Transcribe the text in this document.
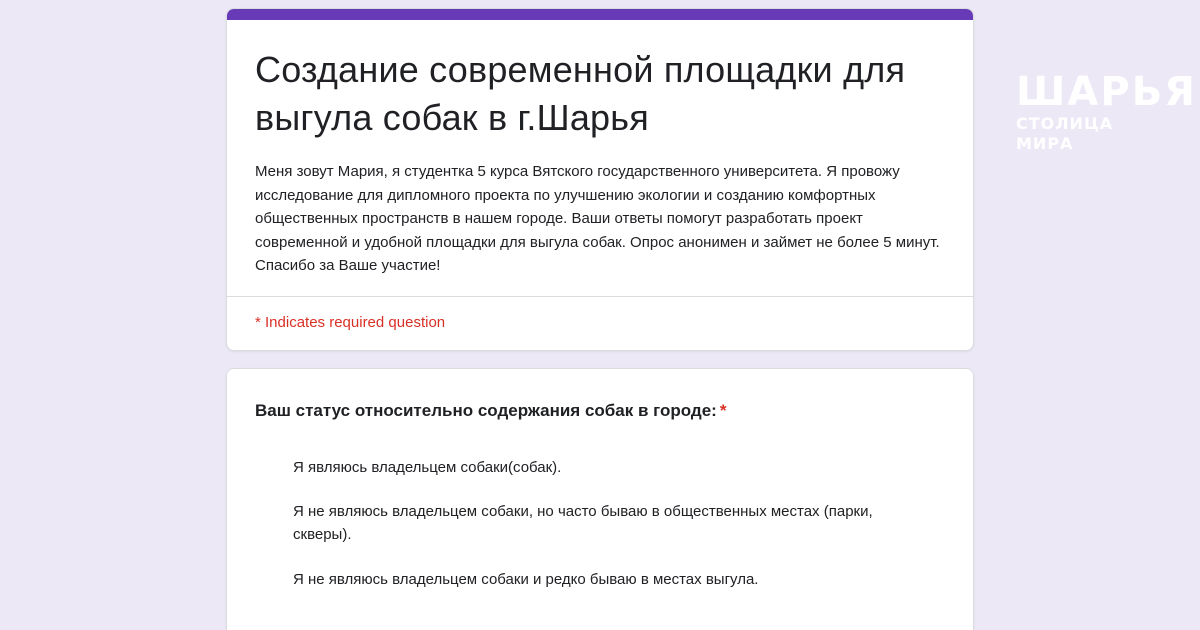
ШАРЬЯ
СТОЛИЦА МИРА
Создание современной площадки для выгула собак в г.Шарья

Меня зовут Мария, я студентка 5 курса Вятского государственного университета. Я провожу исследование для дипломного проекта по улучшению экологии и созданию комфортных общественных пространств в нашем городе. Ваши ответы помогут разработать проект современной и удобной площадки для выгула собак. Опрос анонимен и займет не более 5 минут. Спасибо за Ваше участие!

* Indicates required question
Ваш статус относительно содержания собак в городе: *
Я являюсь владельцем собаки(собак).
Я не являюсь владельцем собаки, но часто бываю в общественных местах (парки, скверы).
Я не являюсь владельцем собаки и редко бываю в местах выгула.
